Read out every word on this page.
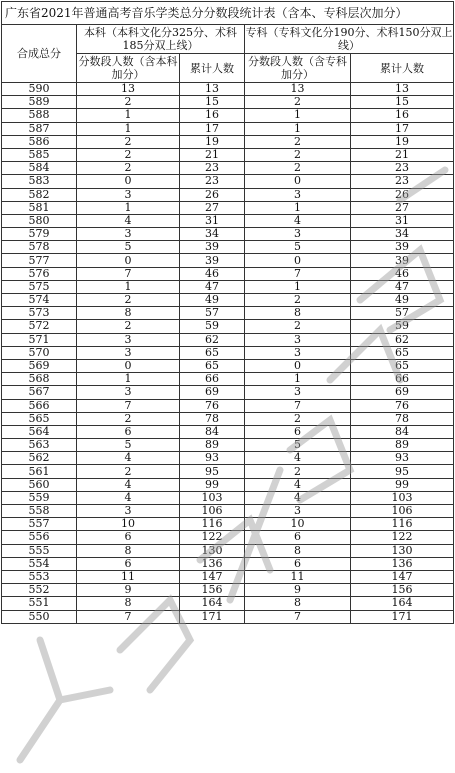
广东省2021年普通高考音乐学类总分分数段统计表（含本、专科层次加分）				
合成总分	本科（本科文化分325分、术科185分双上线）		专科（专科文化分190分、术科150分双上线）	
	分数段人数（含本科加分）	累计人数	分数段人数（含专科加分）	累计人数
590	13	13	13	13
589	2	15	2	15
588	1	16	1	16
587	1	17	1	17
586	2	19	2	19
585	2	21	2	21
584	2	23	2	23
583	0	23	0	23
582	3	26	3	26
581	1	27	1	27
580	4	31	4	31
579	3	34	3	34
578	5	39	5	39
577	0	39	0	39
576	7	46	7	46
575	1	47	1	47
574	2	49	2	49
573	8	57	8	57
572	2	59	2	59
571	3	62	3	62
570	3	65	3	65
569	0	65	0	65
568	1	66	1	66
567	3	69	3	69
566	7	76	7	76
565	2	78	2	78
564	6	84	6	84
563	5	89	5	89
562	4	93	4	93
561	2	95	2	95
560	4	99	4	99
559	4	103	4	103
558	3	106	3	106
557	10	116	10	116
556	6	122	6	122
555	8	130	8	130
554	6	136	6	136
553	11	147	11	147
552	9	156	9	156
551	8	164	8	164
550	7	171	7	171
